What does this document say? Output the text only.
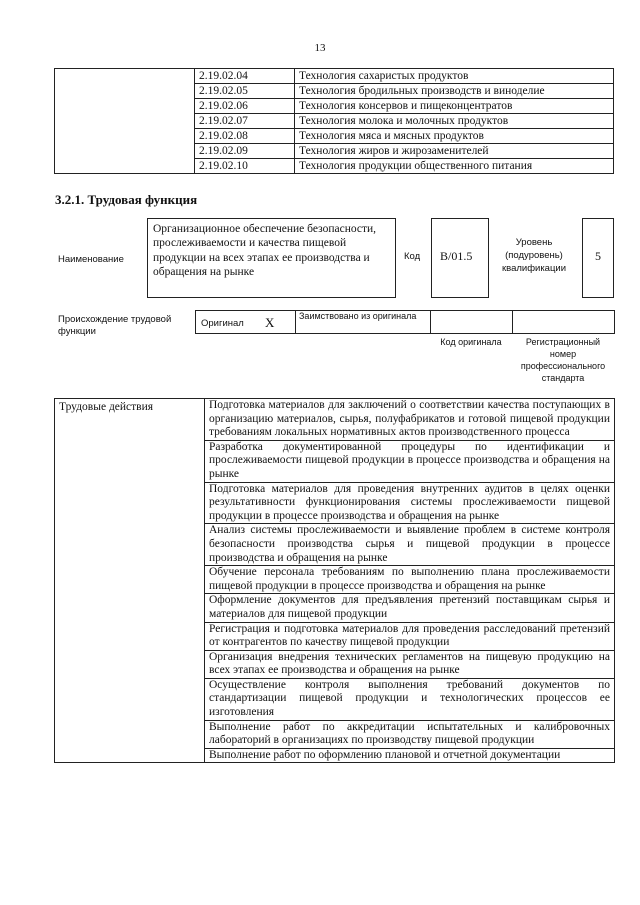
13
	2.19.02.04	Технология сахаристых продуктов
	2.19.02.05	Технология бродильных производств и виноделие
	2.19.02.06	Технология консервов и пищеконцентратов
	2.19.02.07	Технология молока и молочных продуктов
	2.19.02.08	Технология мяса и мясных продуктов
	2.19.02.09	Технология жиров и жирозаменителей
	2.19.02.10	Технология продукции общественного питания
3.2.1. Трудовая функция
Наименование
Организационное обеспечение безопасности, прослеживаемости и качества пищевой продукции на всех этапах ее производства и обращения на рынке
Код	B/01.5
Уровень (подуровень) квалификации
5
Происхождение трудовой функции
Оригинал X	Заимствовано из оригинала
Код оригинала	Регистрационный номер профессионального стандарта
Трудовые действия	Подготовка материалов для заключений о соответствии качества поступающих в организацию материалов, сырья, полуфабрикатов и готовой пищевой продукции требованиям локальных нормативных актов производственного процесса
Разработка документированной процедуры по идентификации и прослеживаемости пищевой продукции в процессе производства и обращения на рынке
Подготовка материалов для проведения внутренних аудитов в целях оценки результативности функционирования системы прослеживаемости пищевой продукции в процессе производства и обращения на рынке
Анализ системы прослеживаемости и выявление проблем в системе контроля безопасности производства сырья и пищевой продукции в процессе производства и обращения на рынке
Обучение персонала требованиям по выполнению плана прослеживаемости пищевой продукции в процессе производства и обращения на рынке
Оформление документов для предъявления претензий поставщикам сырья и материалов для пищевой продукции
Регистрация и подготовка материалов для проведения расследований претензий от контрагентов по качеству пищевой продукции
Организация внедрения технических регламентов на пищевую продукцию на всех этапах ее производства и обращения на рынке
Осуществление контроля выполнения требований документов по стандартизации пищевой продукции и технологических процессов ее изготовления
Выполнение работ по аккредитации испытательных и калибровочных лабораторий в организациях по производству пищевой продукции
Выполнение работ по оформлению плановой и отчетной документации
